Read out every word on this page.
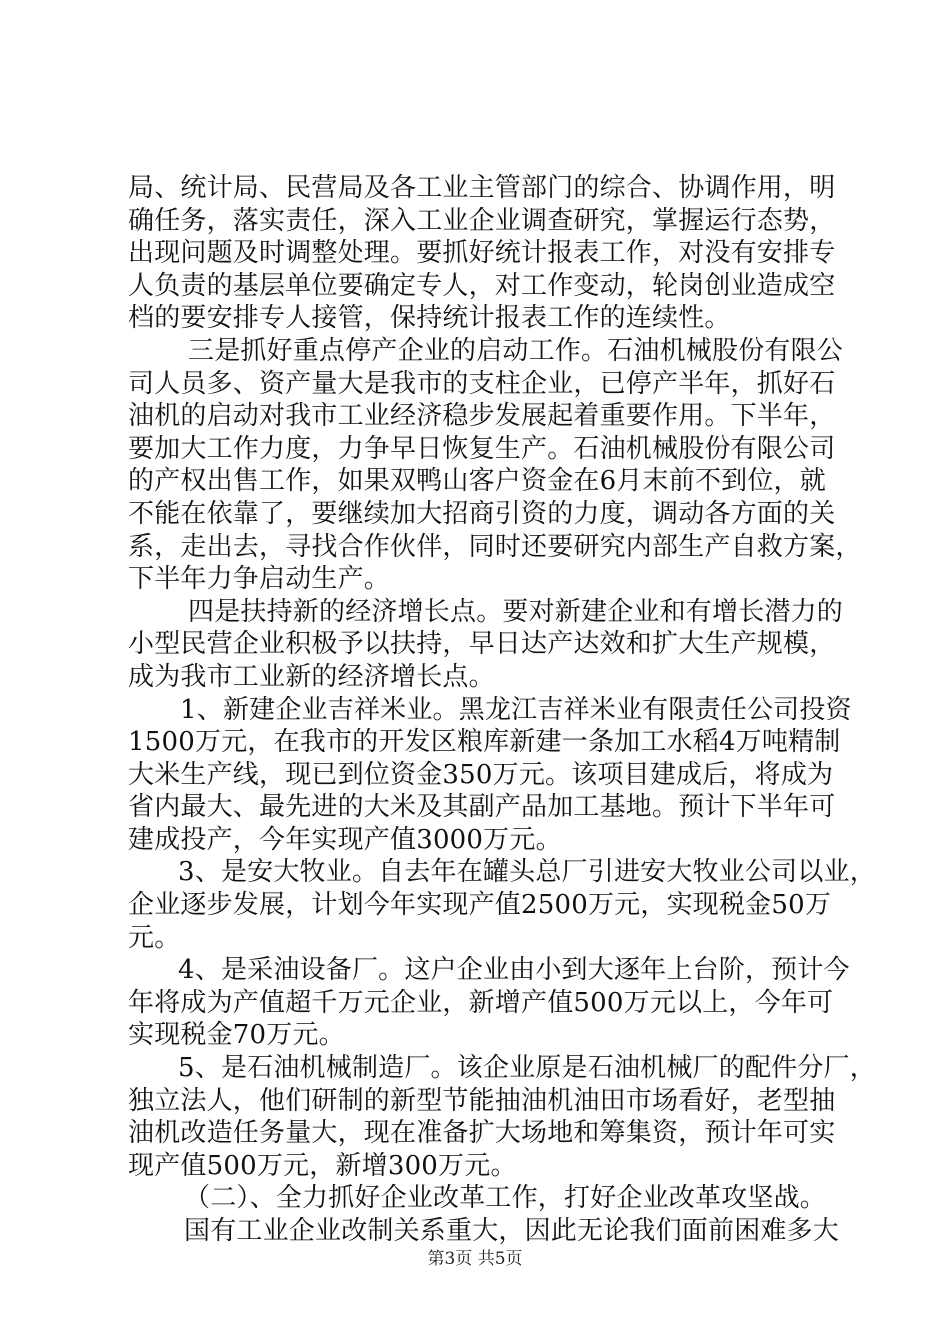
局、统计局、民营局及各工业主管部门的综合、协调作用，明
确任务，落实责任，深入工业企业调查研究，掌握运行态势，
出现问题及时调整处理。要抓好统计报表工作，对没有安排专
人负责的基层单位要确定专人，对工作变动，轮岗创业造成空
档的要安排专人接管，保持统计报表工作的连续性。
三是抓好重点停产企业的启动工作。石油机械股份有限公
司人员多、资产量大是我市的支柱企业，已停产半年，抓好石
油机的启动对我市工业经济稳步发展起着重要作用。下半年，
要加大工作力度，力争早日恢复生产。石油机械股份有限公司
的产权出售工作，如果双鸭山客户资金在6月末前不到位，就
不能在依靠了，要继续加大招商引资的力度，调动各方面的关
系，走出去，寻找合作伙伴，同时还要研究内部生产自救方案，
下半年力争启动生产。
四是扶持新的经济增长点。要对新建企业和有增长潜力的
小型民营企业积极予以扶持，早日达产达效和扩大生产规模，
成为我市工业新的经济增长点。
1、新建企业吉祥米业。黑龙江吉祥米业有限责任公司投资
1500万元，在我市的开发区粮库新建一条加工水稻4万吨精制
大米生产线，现已到位资金350万元。该项目建成后，将成为
省内最大、最先进的大米及其副产品加工基地。预计下半年可
建成投产，今年实现产值3000万元。
3、是安大牧业。自去年在罐头总厂引进安大牧业公司以业，
企业逐步发展，计划今年实现产值2500万元，实现税金50万
元。
4、是采油设备厂。这户企业由小到大逐年上台阶，预计今
年将成为产值超千万元企业，新增产值500万元以上，今年可
实现税金70万元。
5、是石油机械制造厂。该企业原是石油机械厂的配件分厂，
独立法人，他们研制的新型节能抽油机油田市场看好，老型抽
油机改造任务量大，现在准备扩大场地和筹集资，预计年可实
现产值500万元，新增300万元。
（二）、全力抓好企业改革工作，打好企业改革攻坚战。
国有工业企业改制关系重大，因此无论我们面前困难多大
第3页 共5页
